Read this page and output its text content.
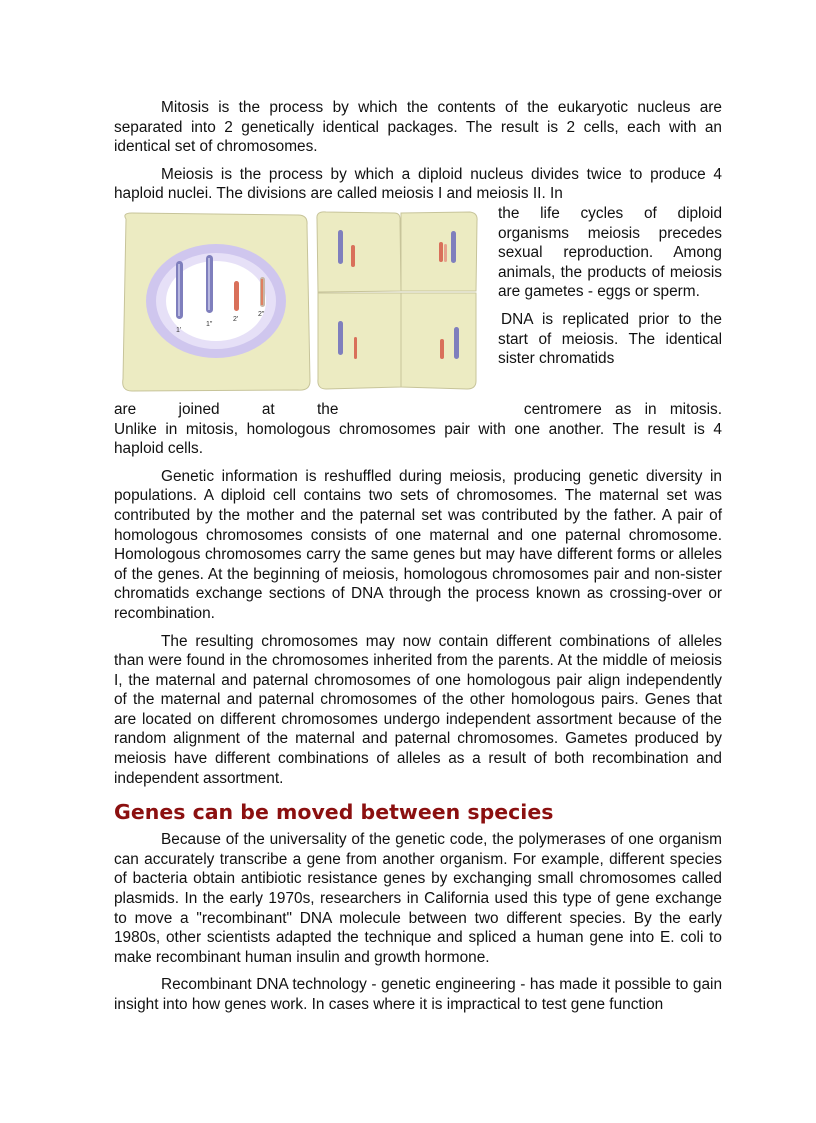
Mitosis is the process by which the contents of the eukaryotic nucleus are separated into 2 genetically identical packages. The result is 2 cells, each with an identical set of chromosomes.

Meiosis is the process by which a diploid nucleus divides twice to produce 4 haploid nuclei. The divisions are called meiosis I and meiosis II. In

1'
1"
2'
2"

the life cycles of diploid organisms meiosis precedes sexual reproduction. Among animals, the products of meiosis are gametes - eggs or sperm.

DNA is replicated prior to the start of meiosis. The identical sister chromatids

are joined at the	centromere as in mitosis.

Unlike in mitosis, homologous chromosomes pair with one another. The result is 4 haploid cells.

Genetic information is reshuffled during meiosis, producing genetic diversity in populations. A diploid cell contains two sets of chromosomes. The maternal set was contributed by the mother and the paternal set was contributed by the father. A pair of homologous chromosomes consists of one maternal and one paternal chromosome. Homologous chromosomes carry the same genes but may have different forms or alleles of the genes. At the beginning of meiosis, homologous chromosomes pair and non-sister chromatids exchange sections of DNA through the process known as crossing-over or recombination.

The resulting chromosomes may now contain different combinations of alleles than were found in the chromosomes inherited from the parents. At the middle of meiosis I, the maternal and paternal chromosomes of one homologous pair align independently of the maternal and paternal chromosomes of the other homologous pairs. Genes that are located on different chromosomes undergo independent assortment because of the random alignment of the maternal and paternal chromosomes. Gametes produced by meiosis have different combinations of alleles as a result of both recombination and independent assortment.

Genes can be moved between species

Because of the universality of the genetic code, the polymerases of one organism can accurately transcribe a gene from another organism. For example, different species of bacteria obtain antibiotic resistance genes by exchanging small chromosomes called plasmids. In the early 1970s, researchers in California used this type of gene exchange to move a "recombinant" DNA molecule between two different species. By the early 1980s, other scientists adapted the technique and spliced a human gene into E. coli to make recombinant human insulin and growth hormone.

Recombinant DNA technology - genetic engineering - has made it possible to gain insight into how genes work. In cases where it is impractical to test gene function
